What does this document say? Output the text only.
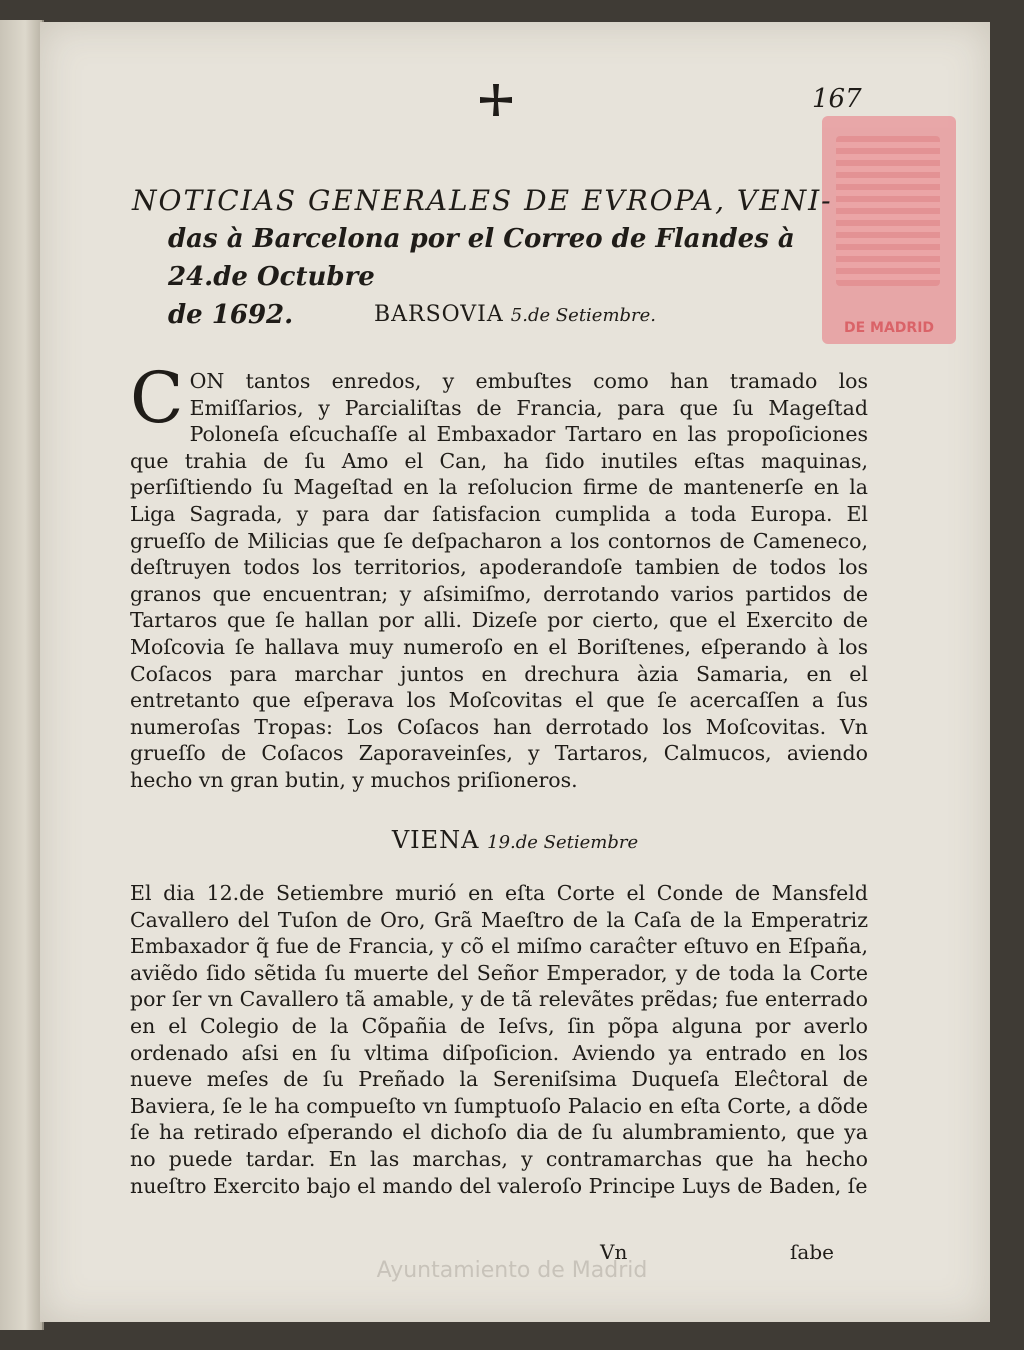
167
DE MADRID
NOTICIAS GENERALES DE EVROPA, VENI-
das à Barcelona por el Correo de Flandes à 24.de Octubre
de 1692.	BARSOVIA 5.de Setiembre.

C ON tantos enredos, y embuſtes como han tramado los Emiſſarios, y Parcialiſtas de Francia, para que ſu Mageſtad Poloneſa eſcuchaſſe al Embaxador Tartaro en las propoſiciones que trahia de ſu Amo el Can, ha ſido inutiles eſtas maquinas, perſiſtiendo ſu Mageſtad en la reſolucion firme de mantenerſe en la Liga Sagrada, y para dar ſatisfacion cumplida a toda Europa. El grueſſo de Milicias que ſe deſpacharon a los contornos de Cameneco, deſtruyen todos los territorios, apoderandoſe tambien de todos los granos que encuentran; y aſsimiſmo, derrotando varios partidos de Tartaros que ſe hallan por alli. Dizeſe por cierto, que el Exercito de Moſcovia ſe hallava muy numeroſo en el Boriſtenes, eſperando à los Coſacos para marchar juntos en drechura àzia Samaria, en el entretanto que eſperava los Moſcovitas el que ſe acercaſſen a ſus numeroſas Tropas: Los Coſacos han derrotado los Moſcovitas. Vn grueſſo de Coſacos Zaporaveinſes, y Tartaros, Calmucos, aviendo hecho vn gran butin, y muchos priſioneros.

VIENA 19.de Setiembre

El dia 12.de Setiembre murió en eſta Corte el Conde de Mansfeld Cavallero del Tuſon de Oro, Grã Maeſtro de la Caſa de la Emperatriz Embaxador q̃ fue de Francia, y cõ el miſmo caraĉter eſtuvo en Eſpaña, aviẽdo ſido sẽtida ſu muerte del Señor Emperador, y de toda la Corte por ſer vn Cavallero tã amable, y de tã relevãtes prẽdas; fue enterrado en el Colegio de la Cõpañia de Ieſvs, ſin põpa alguna por averlo ordenado aſsi en ſu vltima diſpoſicion. Aviendo ya entrado en los nueve meſes de ſu Preñado la Sereniſsima Duqueſa Eleĉtoral de Baviera, ſe le ha compueſto vn ſumptuoſo Palacio en eſta Corte, a dõde ſe ha retirado eſperando el dichoſo dia de ſu alumbramiento, que ya no puede tardar. En las marchas, y contramarchas que ha hecho nueſtro Exercito bajo el mando del valeroſo Principe Luys de Baden, ſe

Vn	ſabe
Ayuntamiento de Madrid
